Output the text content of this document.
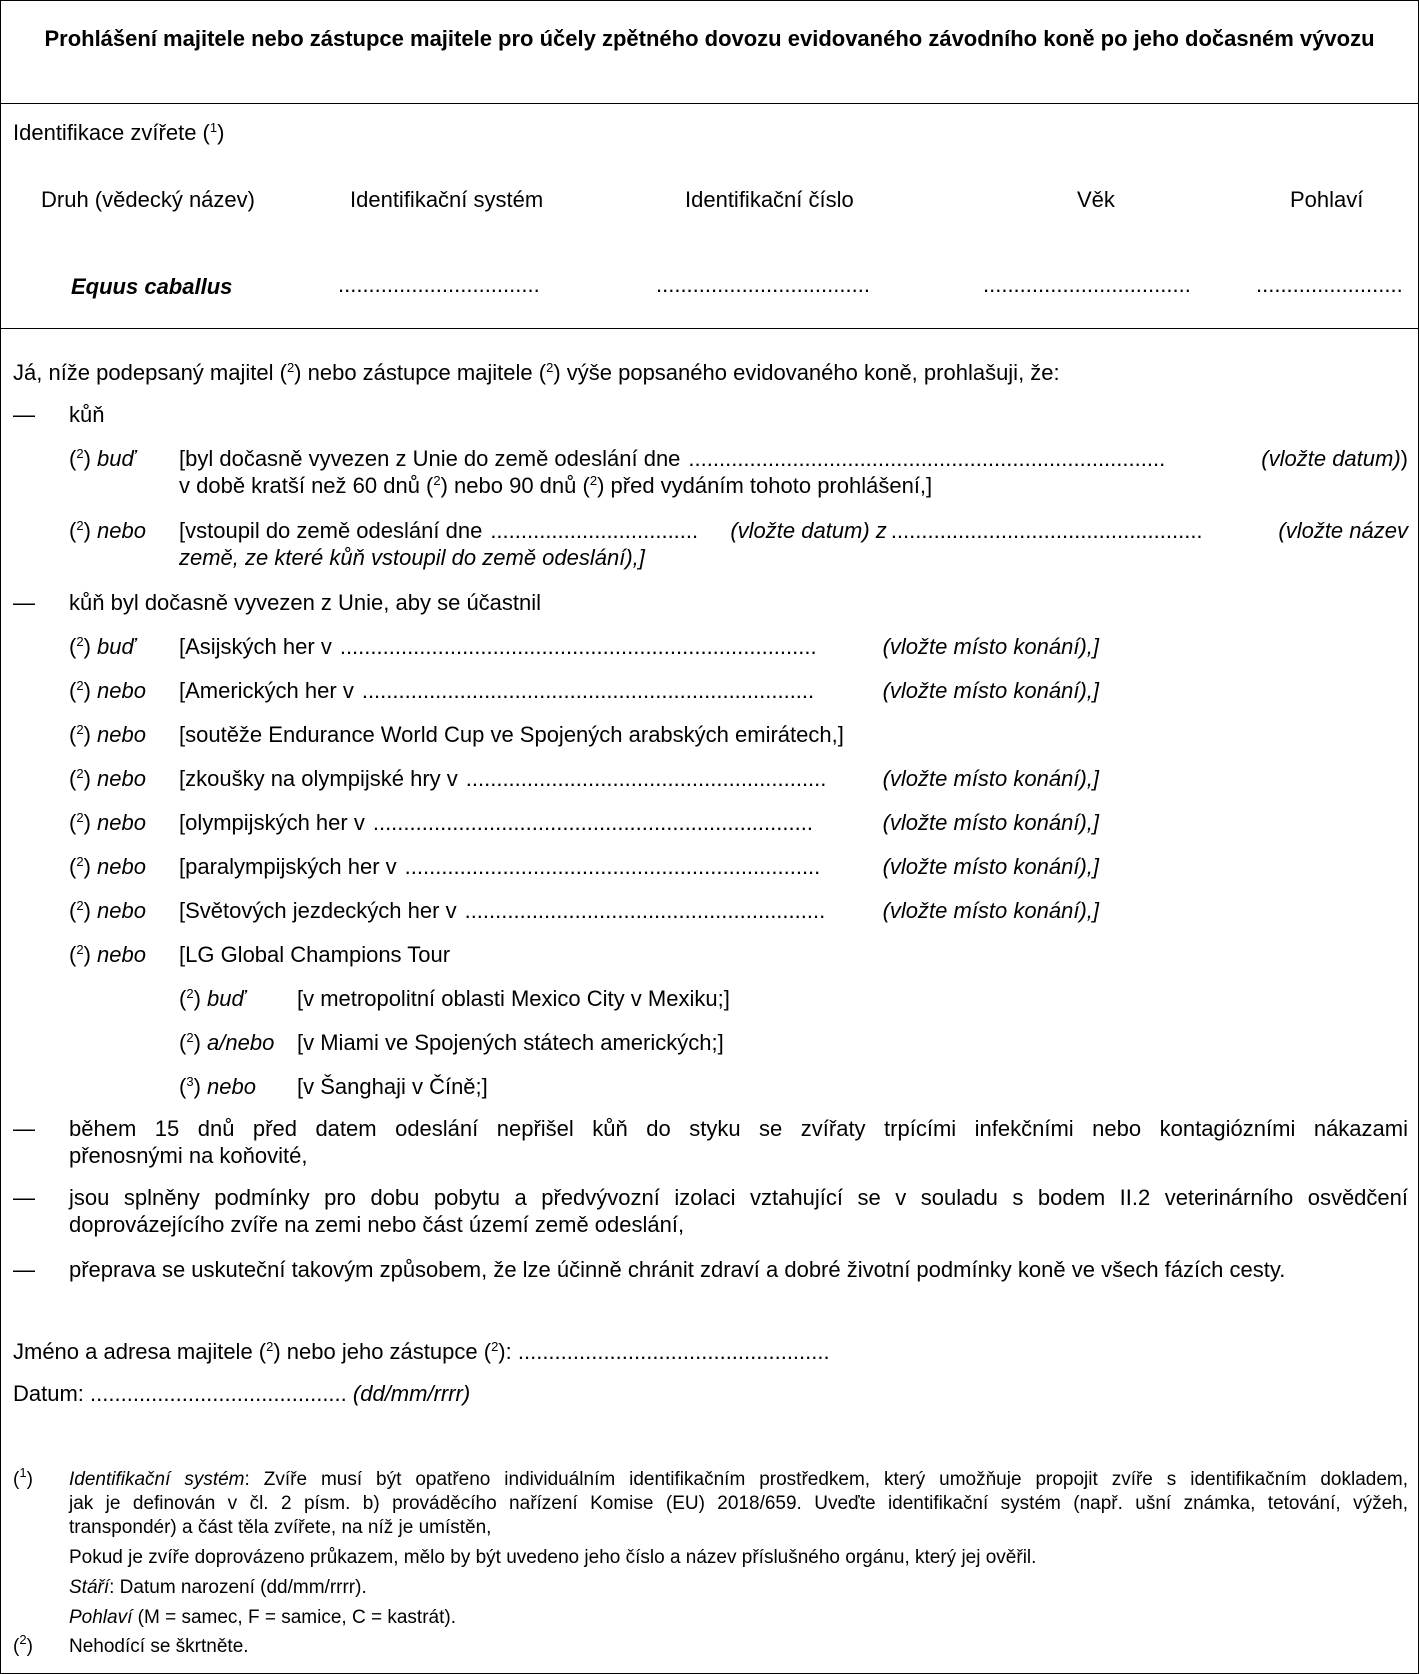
Prohlášení majitele nebo zástupce majitele pro účely zpětného dovozu evidovaného závodního koně po jeho dočasném vývozu
Identifikace zvířete ($^1$)
Druh (vědecký název)	Identifikační systém	Identifikační číslo	Věk	Pohlaví
Equus caballus	.................................	...................................	..................................	........................
Já, níže podepsaný majitel ($^2$) nebo zástupce majitele ($^2$) výše popsaného evidovaného koně, prohlašuji, že:
— kůň
($^2$) buď [byl dočasně vyvezen z Unie do země odeslání dne ..............................................................................	(vložte datum))
v době kratší než 60 dnů ($^2$) nebo 90 dnů ($^2$) před vydáním tohoto prohlášení,]
($^2$) nebo [vstoupil do země odeslání dne ..................................	(vložte datum) z ...................................................	(vložte název
země, ze které kůň vstoupil do země odeslání),]
— kůň byl dočasně vyvezen z Unie, aby se účastnil
($^2$) buď [Asijských her v ..............................................................................	(vložte místo konání),]
($^2$) nebo [Amerických her v ..........................................................................	(vložte místo konání),]
($^2$) nebo [soutěže Endurance World Cup ve Spojených arabských emirátech,]
($^2$) nebo [zkoušky na olympijské hry v ...........................................................	(vložte místo konání),]
($^2$) nebo [olympijských her v ........................................................................	(vložte místo konání),]
($^2$) nebo [paralympijských her v ....................................................................	(vložte místo konání),]
($^2$) nebo [Světových jezdeckých her v ...........................................................	(vložte místo konání),]
($^2$) nebo [LG Global Champions Tour
($^2$) buď [v metropolitní oblasti Mexico City v Mexiku;]
($^2$) a/nebo [v Miami ve Spojených státech amerických;]
($^3$) nebo [v Šanghaji v Číně;]
— během 15 dnů před datem odeslání nepřišel kůň do styku se zvířaty trpícími infekčními nebo kontagiózními nákazami
přenosnými na koňovité,
— jsou splněny podmínky pro dobu pobytu a předvývozní izolaci vztahující se v souladu s bodem II.2 veterinárního osvědčení
doprovázejícího zvíře na zemi nebo část území země odeslání,
— přeprava se uskuteční takovým způsobem, že lze účinně chránit zdraví a dobré životní podmínky koně ve všech fázích cesty.
Jméno a adresa majitele ($^2$) nebo jeho zástupce ($^2$): ...................................................
Datum: .......................................... (dd/mm/rrrr)
($^1$) Identifikační systém: Zvíře musí být opatřeno individuálním identifikačním prostředkem, který umožňuje propojit zvíře s identifikačním dokladem,
jak je definován v čl. 2 písm. b) prováděcího nařízení Komise (EU) 2018/659. Uveďte identifikační systém (např. ušní známka, tetování, výžeh,
transpondér) a část těla zvířete, na níž je umístěn,
Pokud je zvíře doprovázeno průkazem, mělo by být uvedeno jeho číslo a název příslušného orgánu, který jej ověřil.
Stáří: Datum narození (dd/mm/rrrr).
Pohlaví (M = samec, F = samice, C = kastrát).
($^2$) Nehodící se škrtněte.
